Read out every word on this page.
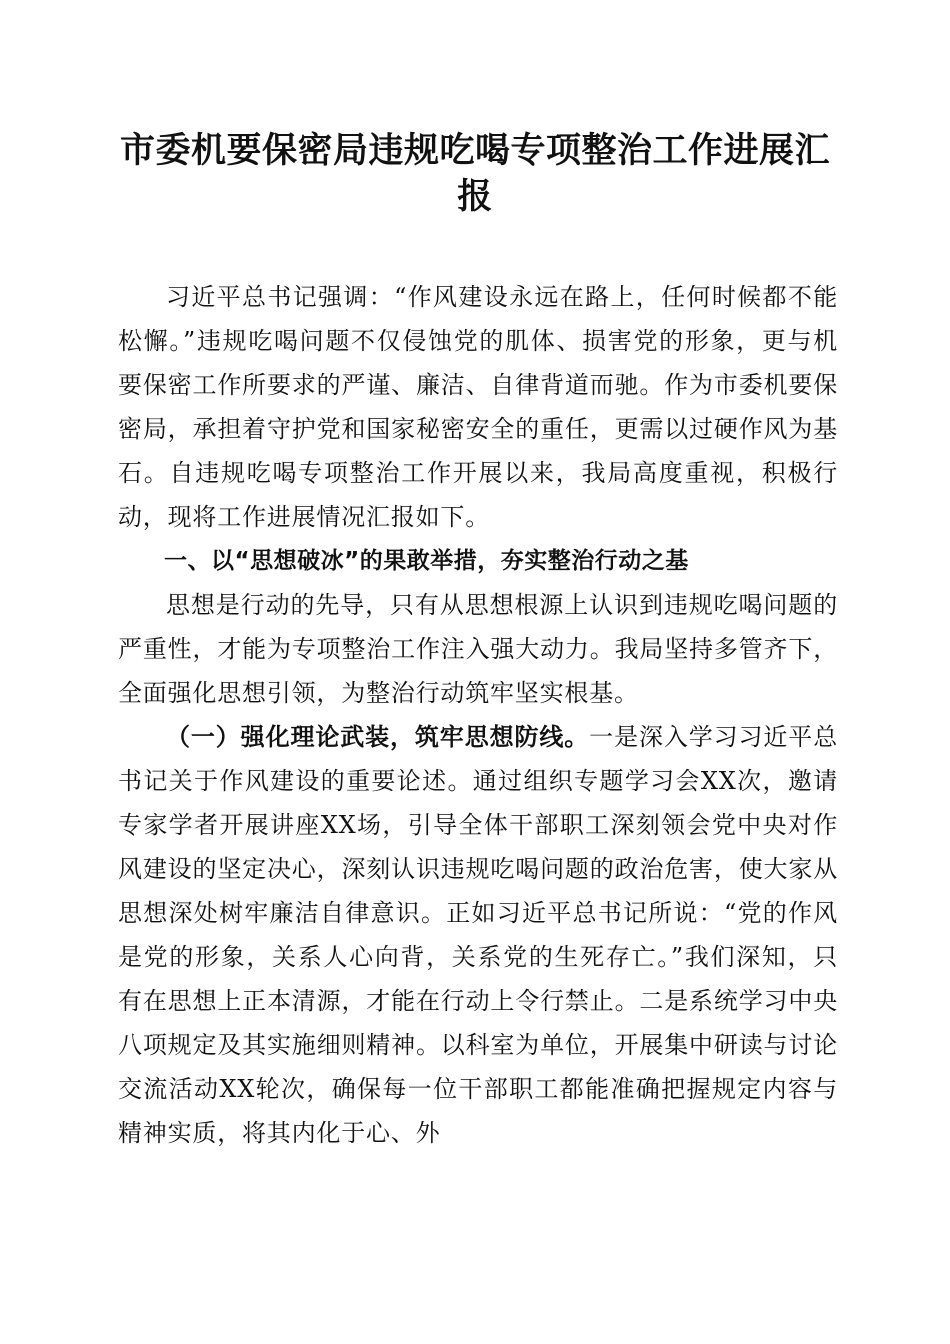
市委机要保密局违规吃喝专项整治工作进展汇报

习近平总书记强调：“作风建设永远在路上，任何时候都不能松懈。”违规吃喝问题不仅侵蚀党的肌体、损害党的形象，更与机要保密工作所要求的严谨、廉洁、自律背道而驰。作为市委机要保密局，承担着守护党和国家秘密安全的重任，更需以过硬作风为基石。自违规吃喝专项整治工作开展以来，我局高度重视，积极行动，现将工作进展情况汇报如下。

一、以“思想破冰”的果敢举措，夯实整治行动之基

思想是行动的先导，只有从思想根源上认识到违规吃喝问题的严重性，才能为专项整治工作注入强大动力。我局坚持多管齐下，全面强化思想引领，为整治行动筑牢坚实根基。

（一）强化理论武装，筑牢思想防线。一是深入学习习近平总书记关于作风建设的重要论述。通过组织专题学习会XX次，邀请专家学者开展讲座XX场，引导全体干部职工深刻领会党中央对作风建设的坚定决心，深刻认识违规吃喝问题的政治危害，使大家从思想深处树牢廉洁自律意识。正如习近平总书记所说：“党的作风是党的形象，关系人心向背，关系党的生死存亡。”我们深知，只有在思想上正本清源，才能在行动上令行禁止。二是系统学习中央八项规定及其实施细则精神。以科室为单位，开展集中研读与讨论交流活动XX轮次，确保每一位干部职工都能准确把握规定内容与精神实质，将其内化于心、外
